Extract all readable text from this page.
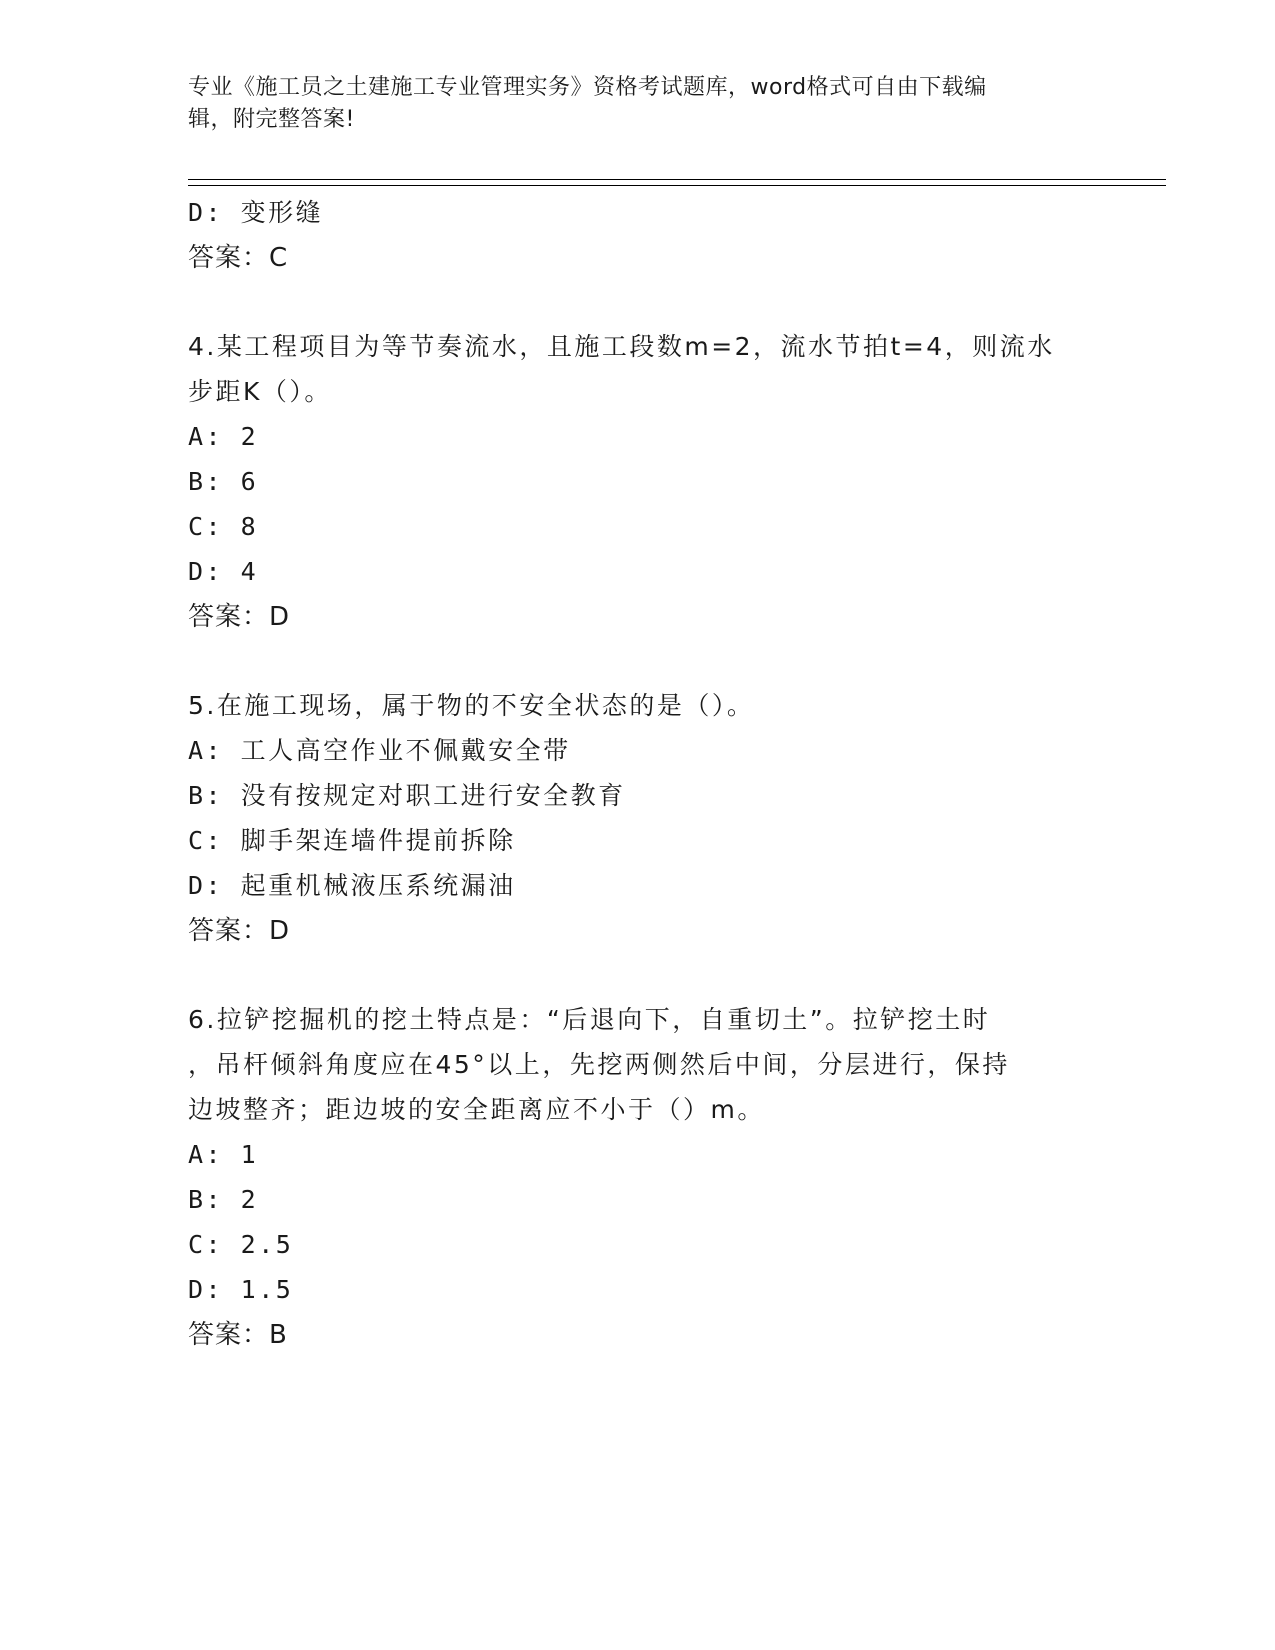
专业《施工员之土建施工专业管理实务》资格考试题库，word格式可自由下载编
辑，附完整答案!
D: 变形缝
答案：C
4.某工程项目为等节奏流水，且施工段数m=2，流水节拍t=4，则流水
步距K（）。
A: 2
B: 6
C: 8
D: 4
答案：D
5.在施工现场，属于物的不安全状态的是（）。
A: 工人高空作业不佩戴安全带
B: 没有按规定对职工进行安全教育
C: 脚手架连墙件提前拆除
D: 起重机械液压系统漏油
答案：D
6.拉铲挖掘机的挖土特点是：“后退向下，自重切土”。拉铲挖土时
，吊杆倾斜角度应在45°以上，先挖两侧然后中间，分层进行，保持
边坡整齐；距边坡的安全距离应不小于（）m。
A: 1
B: 2
C: 2.5
D: 1.5
答案：B
